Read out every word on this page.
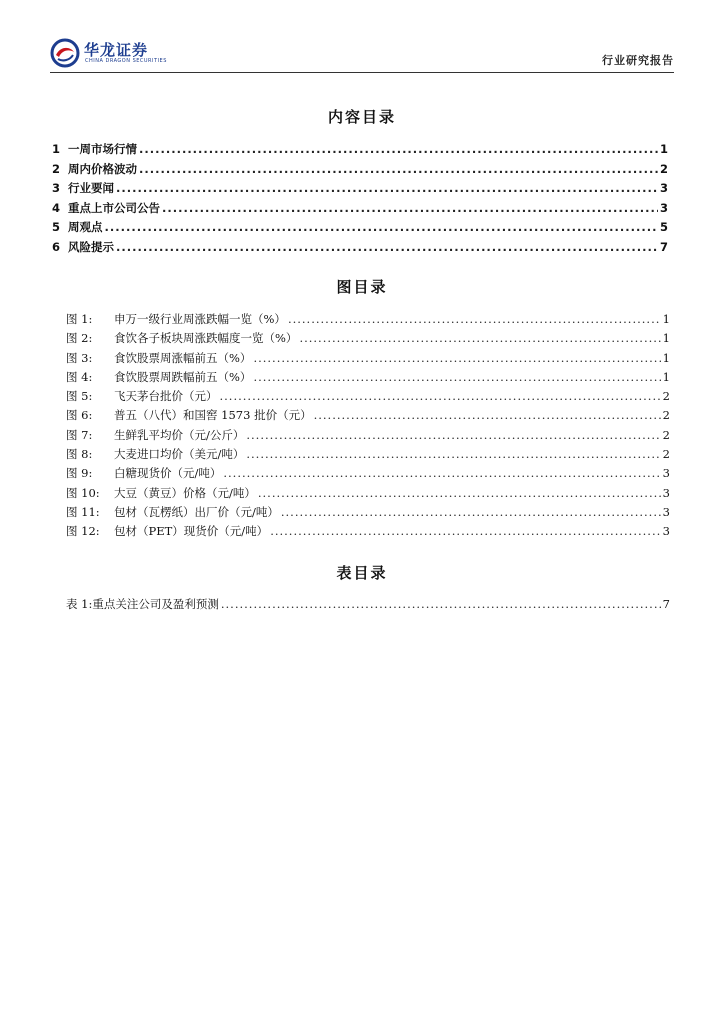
华龙证券
CHINA DRAGON SECURITIES	行业研究报告
内容目录
1 一周市场行情 .....	1
2 周内价格波动 .....	2
3 行业要闻 .....	3
4 重点上市公司公告 .....	3
5 周观点 .....	5
6 风险提示 .....	7
图目录
图 1: 申万一级行业周涨跌幅一览（%） .....	1
图 2: 食饮各子板块周涨跌幅度一览（%） .....	1
图 3: 食饮股票周涨幅前五（%） .....	1
图 4: 食饮股票周跌幅前五（%） .....	1
图 5: 飞天茅台批价（元） .....	2
图 6: 普五（八代）和国窖 1573 批价（元） .....	2
图 7: 生鲜乳平均价（元/公斤） .....	2
图 8: 大麦进口均价（美元/吨） .....	2
图 9: 白糖现货价（元/吨） .....	3
图 10: 大豆（黄豆）价格（元/吨） .....	3
图 11: 包材（瓦楞纸）出厂价（元/吨） .....	3
图 12: 包材（PET）现货价（元/吨） .....	3
表目录
表 1:重点关注公司及盈利预测 .....	7
